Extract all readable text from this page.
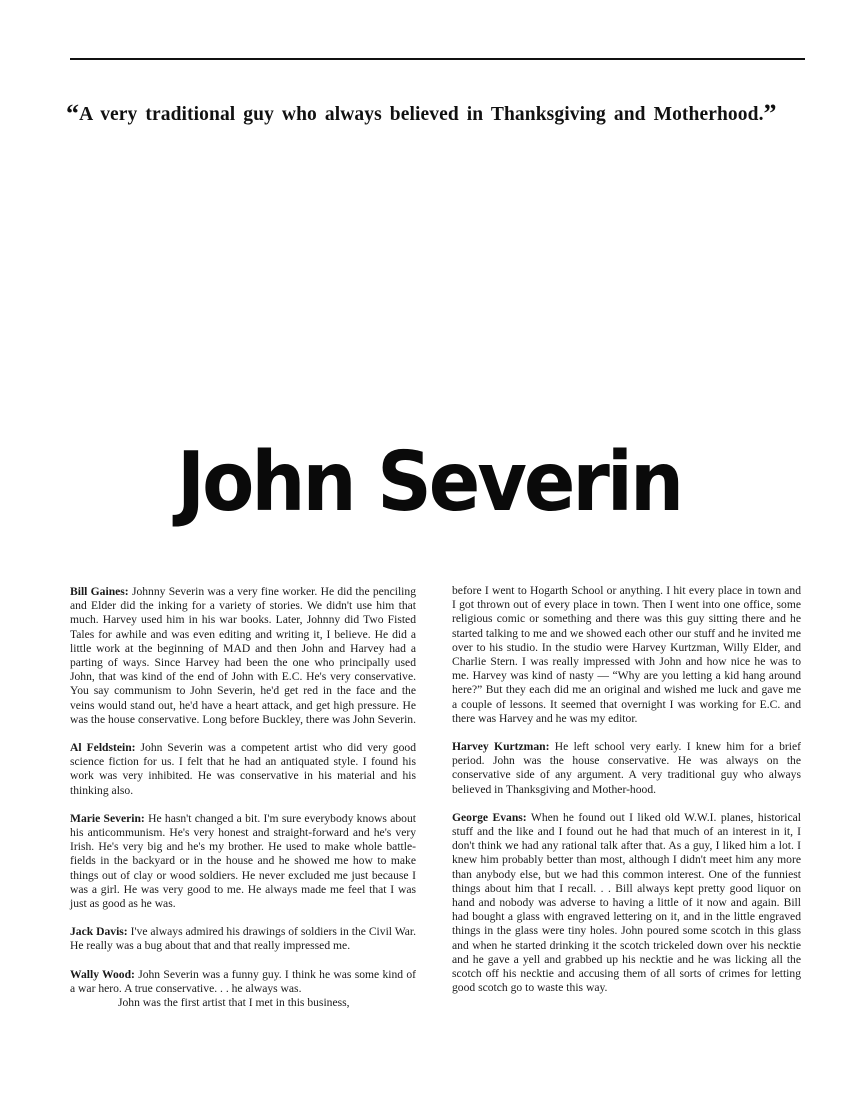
“A very traditional guy who always believed in Thanksgiving and Motherhood.”

John Severin

Bill Gaines: Johnny Severin was a very fine worker. He did the penciling and Elder did the inking for a variety of stories. We didn't use him that much. Harvey used him in his war books. Later, Johnny did Two Fisted Tales for awhile and was even editing and writing it, I believe. He did a little work at the beginning of MAD and then John and Harvey had a parting of ways. Since Harvey had been the one who principally used John, that was kind of the end of John with E.C. He's very conservative. You say communism to John Severin, he'd get red in the face and the veins would stand out, he'd have a heart attack, and get high pressure. He was the house conservative. Long before Buckley, there was John Severin.

Al Feldstein: John Severin was a competent artist who did very good science fiction for us. I felt that he had an antiquated style. I found his work was very inhibited. He was conservative in his material and his thinking also.

Marie Severin: He hasn't changed a bit. I'm sure everybody knows about his anticommunism. He's very honest and straight-forward and he's very Irish. He's very big and he's my brother. He used to make whole battle-fields in the backyard or in the house and he showed me how to make things out of clay or wood soldiers. He never excluded me just because I was a girl. He was very good to me. He always made me feel that I was just as good as he was.

Jack Davis: I've always admired his drawings of soldiers in the Civil War. He really was a bug about that and that really impressed me.

Wally Wood: John Severin was a funny guy. I think he was some kind of a war hero. A true conservative. . . he always was.

John was the first artist that I met in this business,

before I went to Hogarth School or anything. I hit every place in town and I got thrown out of every place in town. Then I went into one office, some religious comic or something and there was this guy sitting there and he started talking to me and we showed each other our stuff and he invited me over to his studio. In the studio were Harvey Kurtzman, Willy Elder, and Charlie Stern. I was really impressed with John and how nice he was to me. Harvey was kind of nasty — “Why are you letting a kid hang around here?” But they each did me an original and wished me luck and gave me a couple of lessons. It seemed that overnight I was working for E.C. and there was Harvey and he was my editor.

Harvey Kurtzman: He left school very early. I knew him for a brief period. John was the house conservative. He was always on the conservative side of any argument. A very traditional guy who always believed in Thanksgiving and Mother-hood.

George Evans: When he found out I liked old W.W.I. planes, historical stuff and the like and I found out he had that much of an interest in it, I don't think we had any rational talk after that. As a guy, I liked him a lot. I knew him probably better than most, although I didn't meet him any more than anybody else, but we had this common interest. One of the funniest things about him that I recall. . . Bill always kept pretty good liquor on hand and nobody was adverse to having a little of it now and again. Bill had bought a glass with engraved lettering on it, and in the little engraved things in the glass were tiny holes. John poured some scotch in this glass and when he started drinking it the scotch trickeled down over his necktie and he gave a yell and grabbed up his necktie and he was licking all the scotch off his necktie and accusing them of all sorts of crimes for letting good scotch go to waste this way.
